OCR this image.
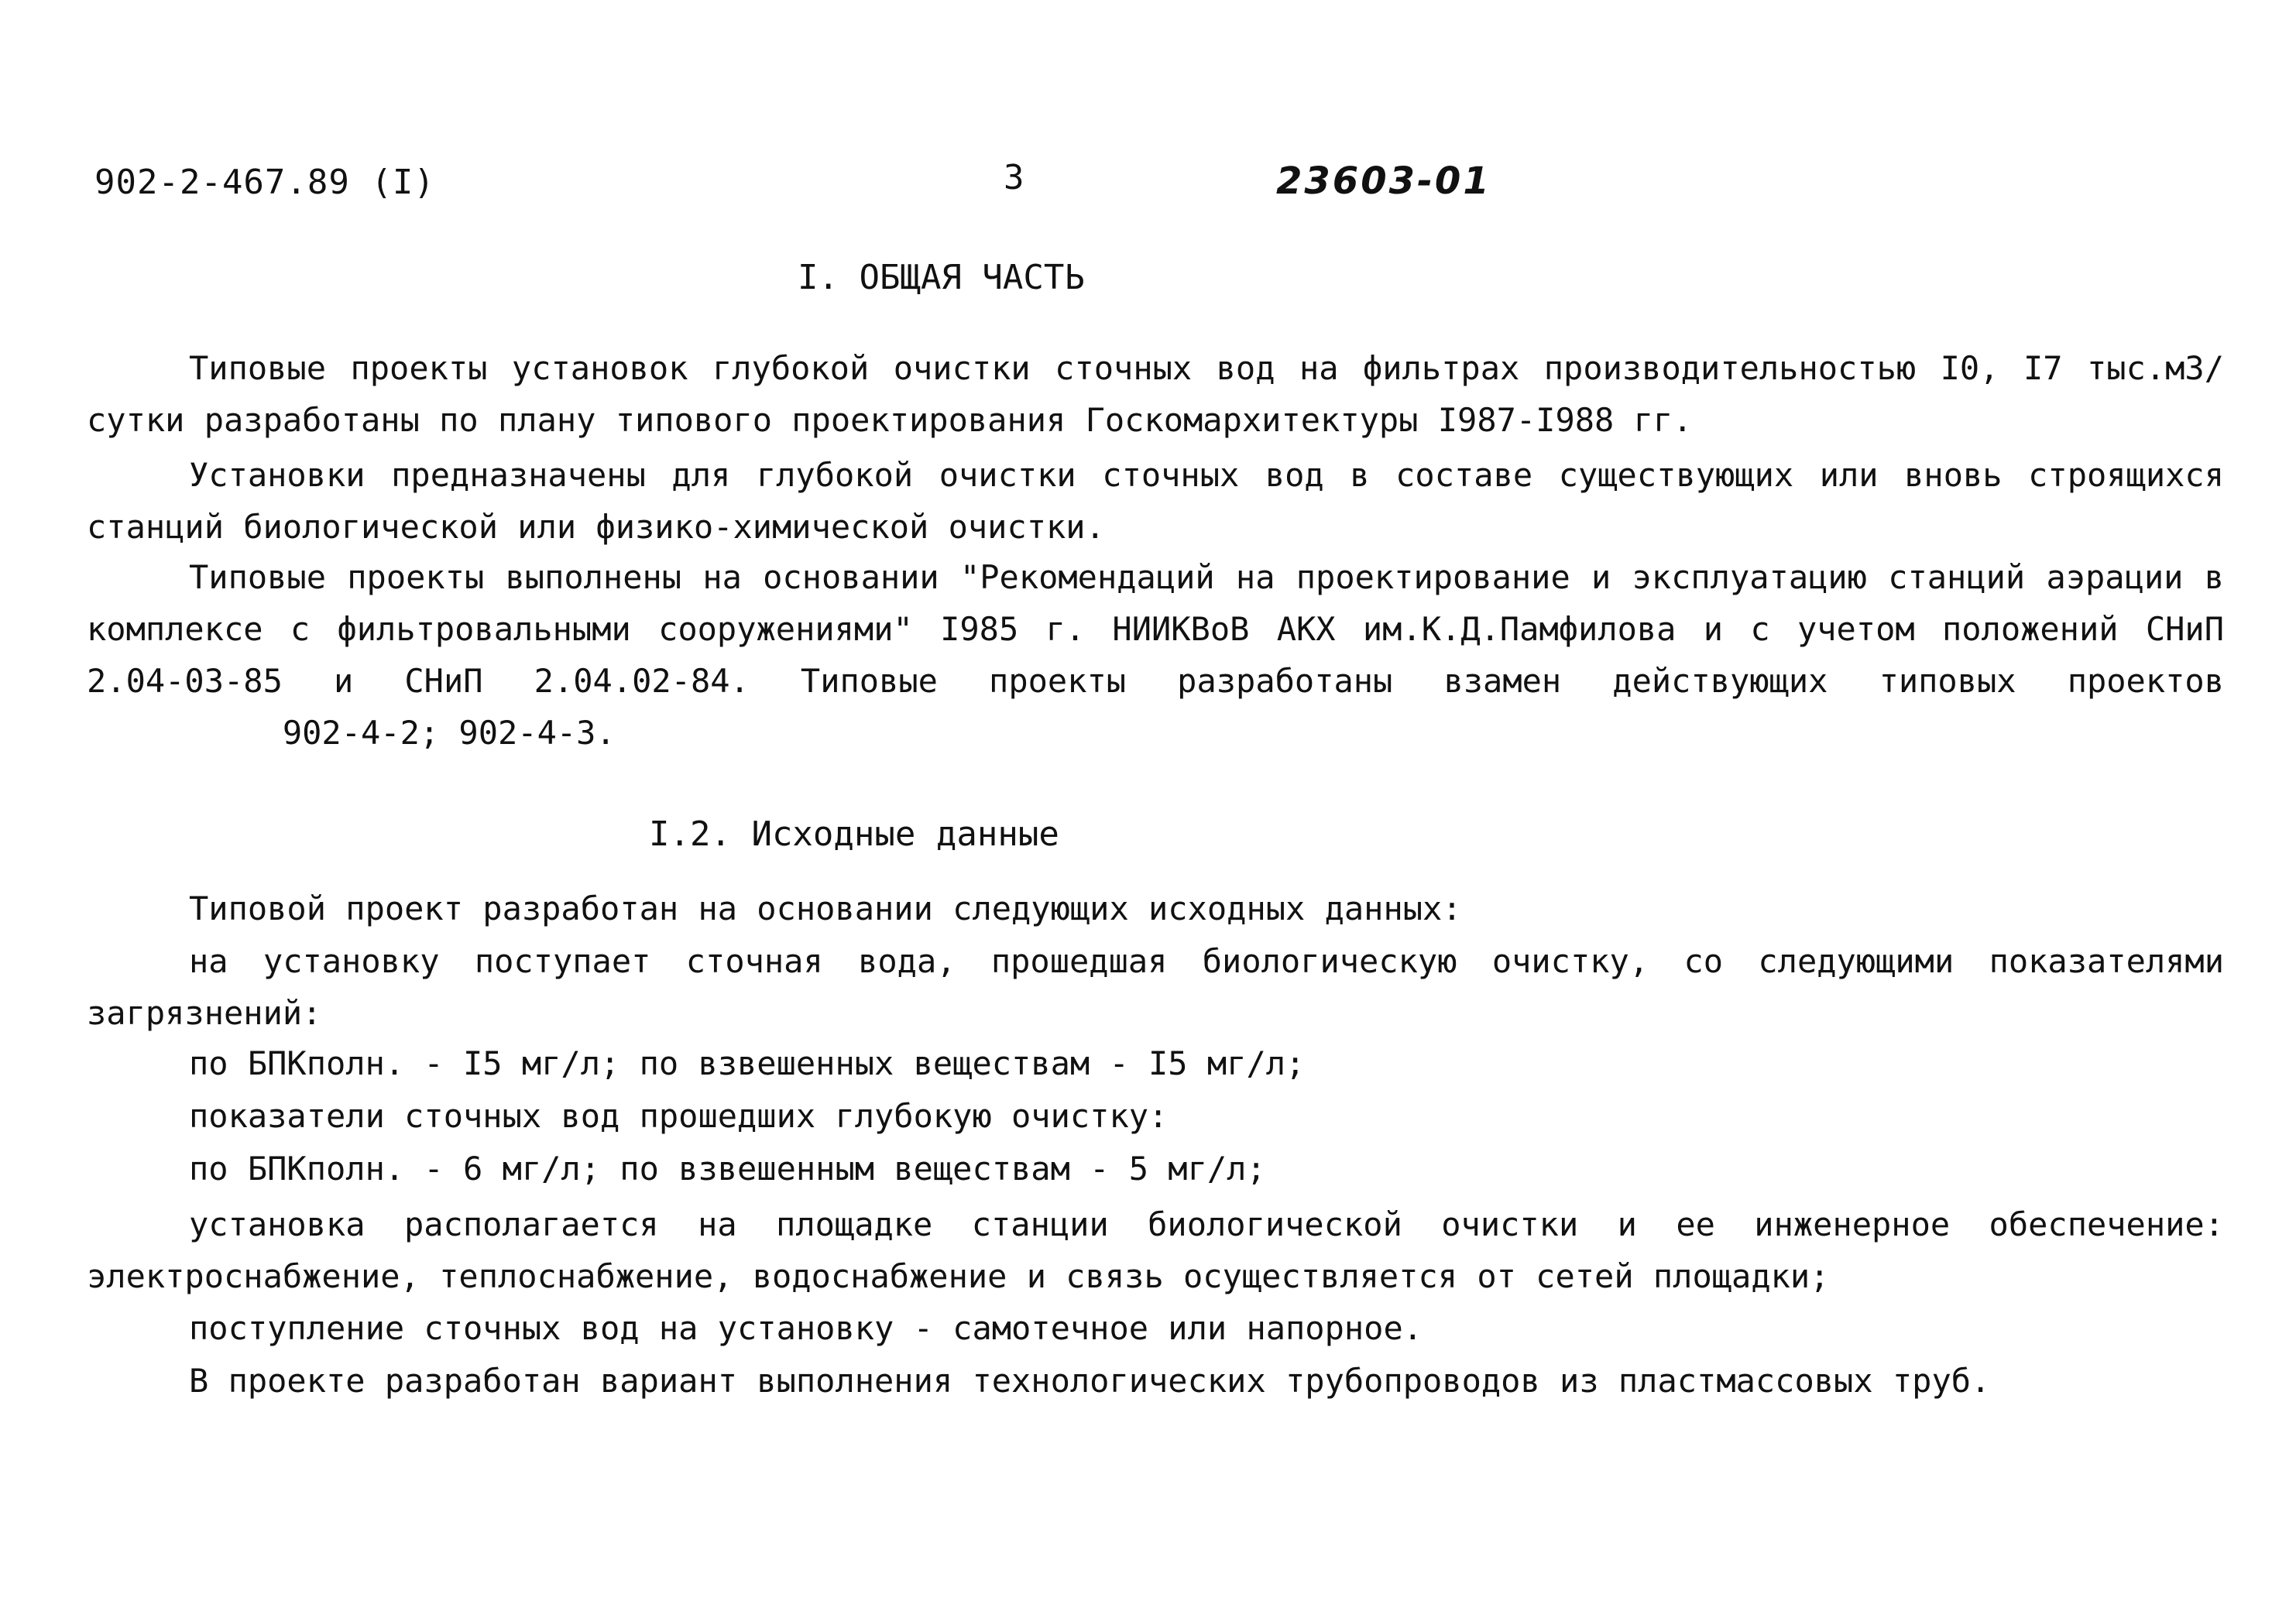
902-2-467.89 (I)	3	23603-01
I. ОБЩАЯ ЧАСТЬ
Типовые проекты установок глубокой очистки сточных вод на фильтрах производительностью I0, I7 тыс.м3/сутки разработаны по плану типового проектирования Госкомархитектуры I987-I988 гг.
Установки предназначены для глубокой очистки сточных вод в составе существующих или вновь строящихся станций биологической или физико-химической очистки.
Типовые проекты выполнены на основании "Рекомендаций на проектирование и эксплуатацию станций аэрации в комплексе с фильтровальными сооружениями" I985 г. НИИКВоВ АКХ им.К.Д.Памфилова и с учетом положений СНиП 2.04-03-85 и СНиП 2.04.02-84. Типовые проекты разработаны взамен действующих типовых проектов          902-4-2; 902-4-3.
I.2. Исходные данные
Типовой проект разработан на основании следующих исходных данных:
на установку поступает сточная вода, прошедшая биологическую очистку, со следующими показателями загрязнений:
по БПКполн. - I5 мг/л; по взвешенных веществам - I5 мг/л;
показатели сточных вод прошедших глубокую очистку:
по БПКполн. - 6 мг/л; по взвешенным веществам - 5 мг/л;
установка располагается на площадке станции биологической очистки и ее инженерное обеспечение: электроснабжение, теплоснабжение, водоснабжение и связь осуществляется от сетей площадки;
поступление сточных вод на установку - самотечное или напорное.
В проекте разработан вариант выполнения технологических трубопроводов из пластмассовых труб.
